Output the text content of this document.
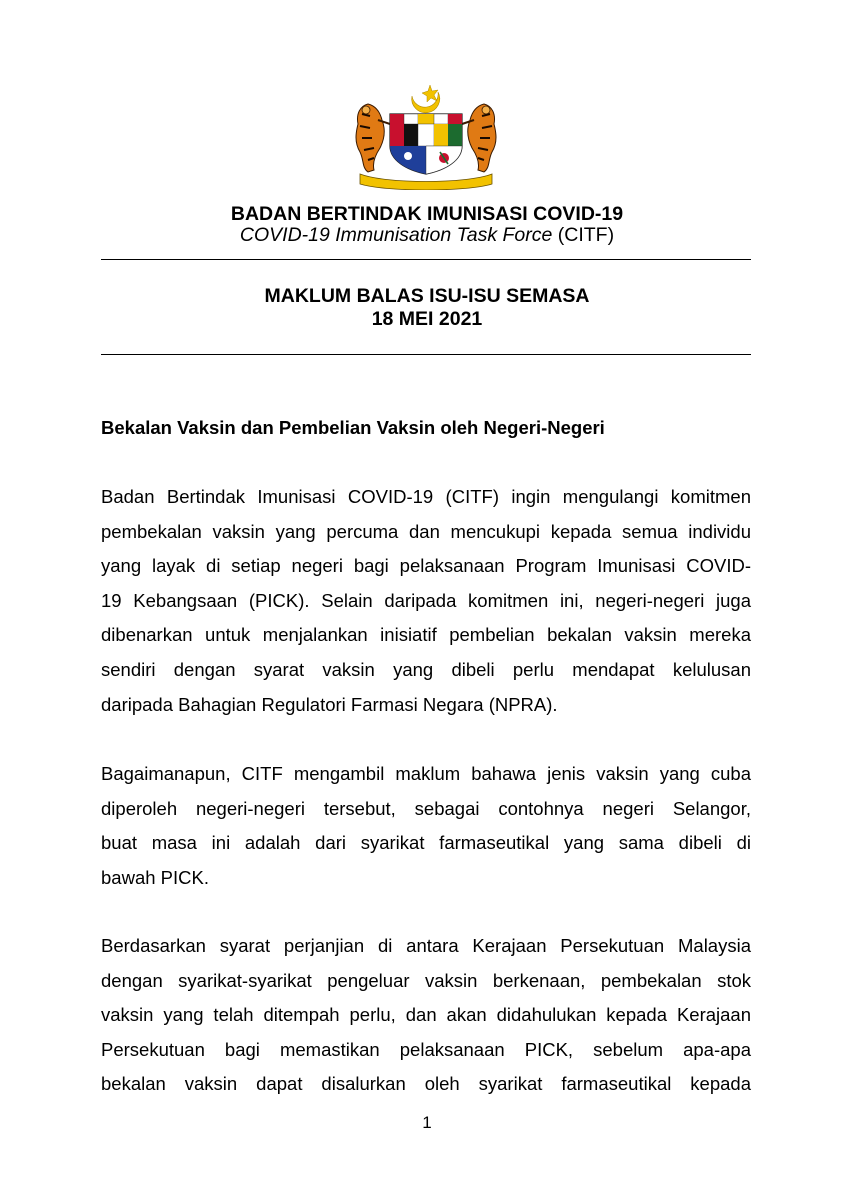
BADAN BERTINDAK IMUNISASI COVID-19
COVID-19 Immunisation Task Force (CITF)
MAKLUM BALAS ISU-ISU SEMASA
18 MEI 2021
Bekalan Vaksin dan Pembelian Vaksin oleh Negeri-Negeri
Badan Bertindak Imunisasi COVID-19 (CITF) ingin mengulangi komitmen
pembekalan vaksin yang percuma dan mencukupi kepada semua individu
yang layak di setiap negeri bagi pelaksanaan Program Imunisasi COVID-
19 Kebangsaan (PICK). Selain daripada komitmen ini, negeri-negeri juga
dibenarkan untuk menjalankan inisiatif pembelian bekalan vaksin mereka
sendiri dengan syarat vaksin yang dibeli perlu mendapat kelulusan
daripada Bahagian Regulatori Farmasi Negara (NPRA).
Bagaimanapun, CITF mengambil maklum bahawa jenis vaksin yang cuba
diperoleh negeri-negeri tersebut, sebagai contohnya negeri Selangor,
buat masa ini adalah dari syarikat farmaseutikal yang sama dibeli di
bawah PICK.
Berdasarkan syarat perjanjian di antara Kerajaan Persekutuan Malaysia
dengan syarikat-syarikat pengeluar vaksin berkenaan, pembekalan stok
vaksin yang telah ditempah perlu, dan akan didahulukan kepada Kerajaan
Persekutuan bagi memastikan pelaksanaan PICK, sebelum apa-apa
bekalan vaksin dapat disalurkan oleh syarikat farmaseutikal kepada
1
